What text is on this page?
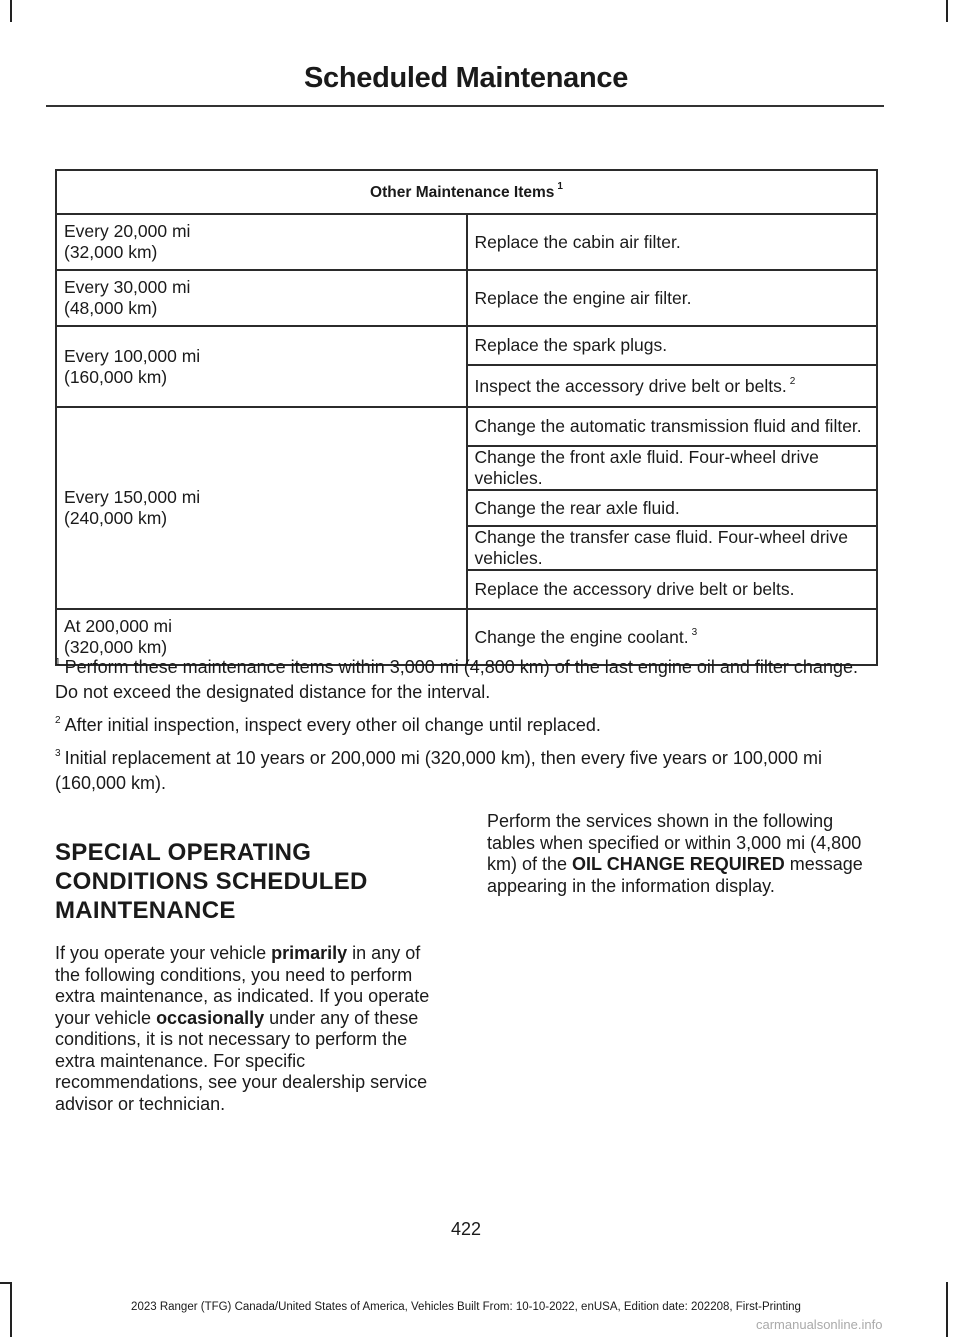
Scheduled Maintenance
Other Maintenance Items $^1$
Every 20,000 mi
(32,000 km)	Replace the cabin air filter.
Every 30,000 mi
(48,000 km)	Replace the engine air filter.
Every 100,000 mi
(160,000 km)	Replace the spark plugs.
	Inspect the accessory drive belt or belts. $^2$
Every 150,000 mi
(240,000 km)	Change the automatic transmission fluid and filter.
	Change the front axle fluid. Four-wheel drive vehicles.
	Change the rear axle fluid.
	Change the transfer case fluid. Four-wheel drive vehicles.
	Replace the accessory drive belt or belts.
At 200,000 mi
(320,000 km)	Change the engine coolant. $^3$

$^1$ Perform these maintenance items within 3,000 mi (4,800 km) of the last engine oil and filter change. Do not exceed the designated distance for the interval.

$^2$ After initial inspection, inspect every other oil change until replaced.

$^3$ Initial replacement at 10 years or 200,000 mi (320,000 km), then every five years or 100,000 mi (160,000 km).

SPECIAL OPERATING
CONDITIONS SCHEDULED
MAINTENANCE

If you operate your vehicle primarily in any of the following conditions, you need to perform extra maintenance, as indicated. If you operate your vehicle occasionally under any of these conditions, it is not necessary to perform the extra maintenance. For specific recommendations, see your dealership service advisor or technician.

Perform the services shown in the following tables when specified or within 3,000 mi (4,800 km) of the OIL CHANGE REQUIRED message appearing in the information display.

422
2023 Ranger (TFG) Canada/United States of America, Vehicles Built From: 10-10-2022, enUSA, Edition date: 202208, First-Printing
carmanualsonline.info
